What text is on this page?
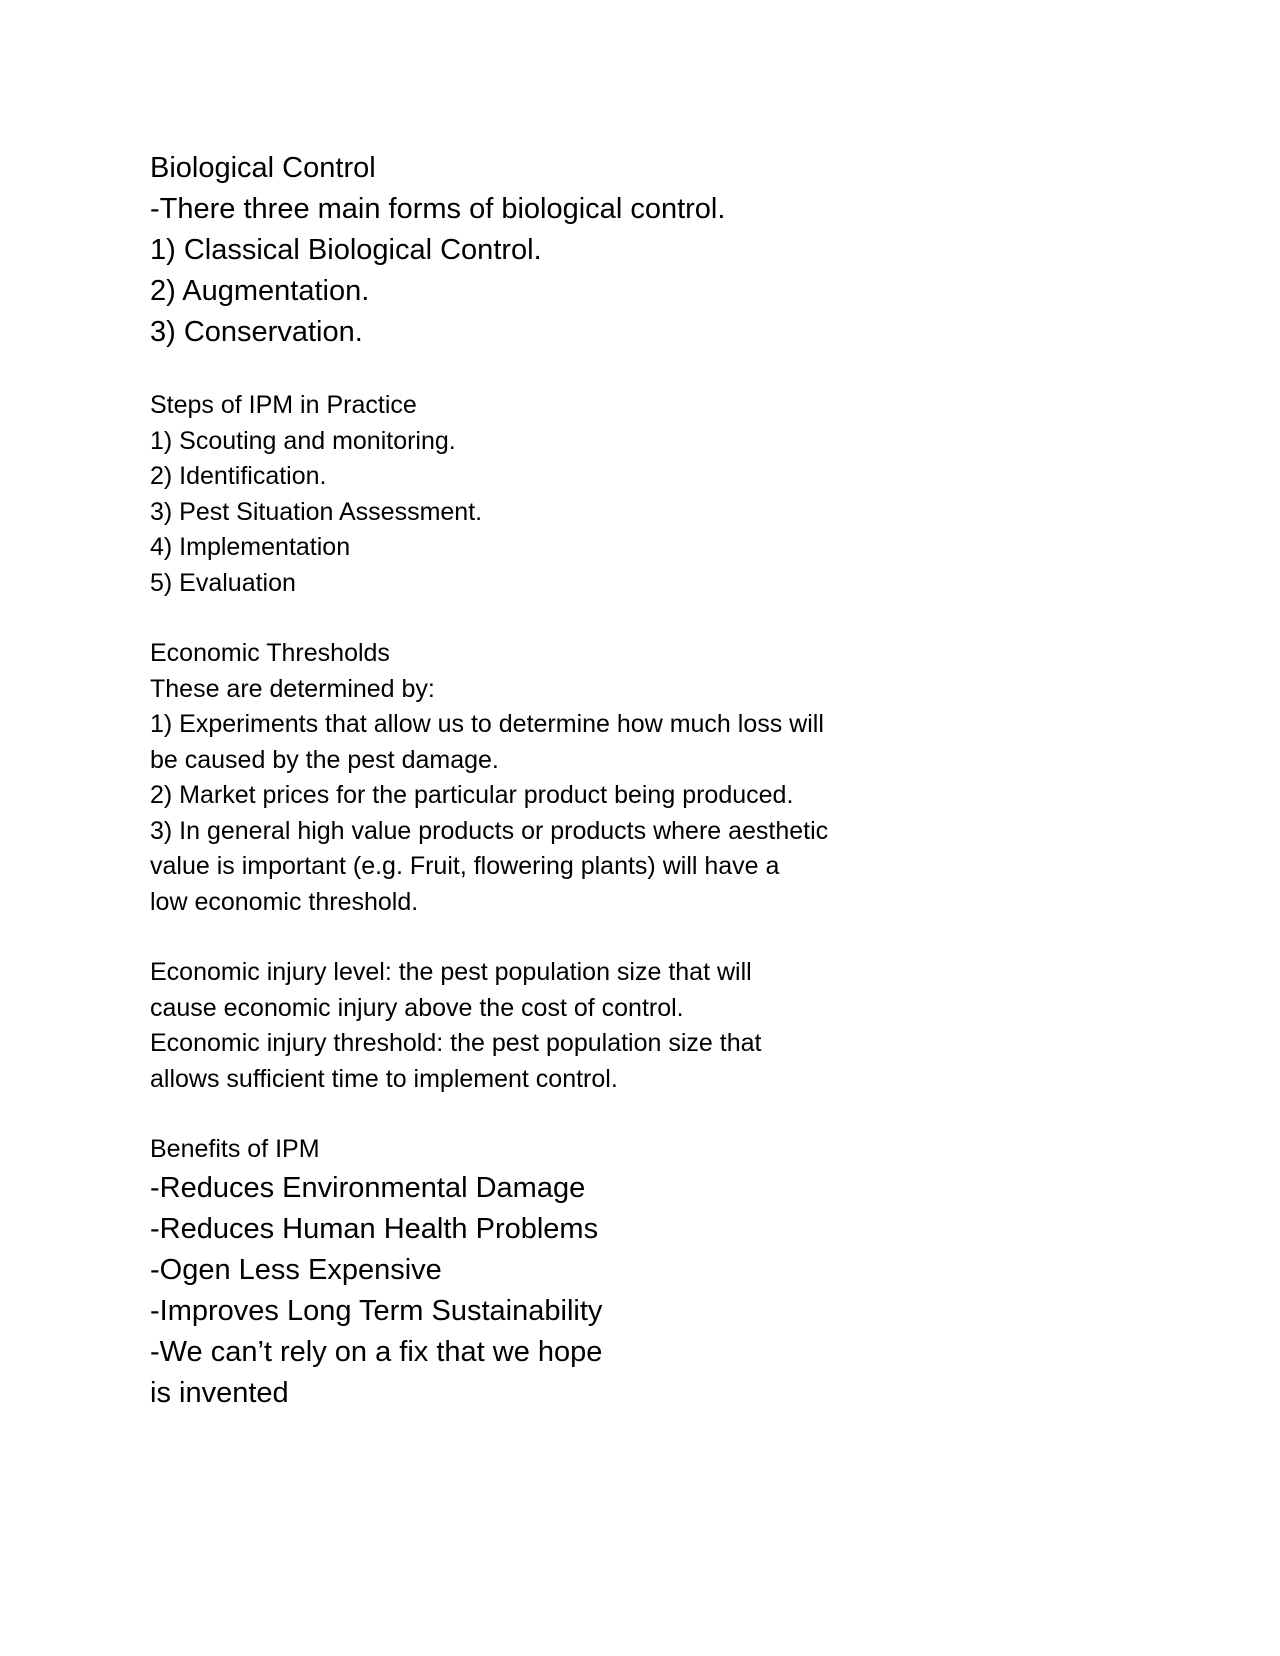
Biological Control
-There three main forms of biological control.
1) Classical Biological Control.
2) Augmentation.
3) Conservation.
Steps of IPM in Practice
1) Scouting and monitoring.
2) Identification.
3) Pest Situation Assessment.
4) Implementation
5) Evaluation
Economic Thresholds
These are determined by:
1) Experiments that allow us to determine how much loss will
be caused by the pest damage.
2) Market prices for the particular product being produced.
3) In general high value products or products where aesthetic
value is important (e.g. Fruit, flowering plants) will have a
low economic threshold.
Economic injury level: the pest population size that will
cause economic injury above the cost of control.
Economic injury threshold: the pest population size that
allows sufficient time to implement control.
Benefits of IPM
-Reduces Environmental Damage
-Reduces Human Health Problems
-Ogen Less Expensive
-Improves Long Term Sustainability
-We can’t rely on a fix that we hope
is invented
